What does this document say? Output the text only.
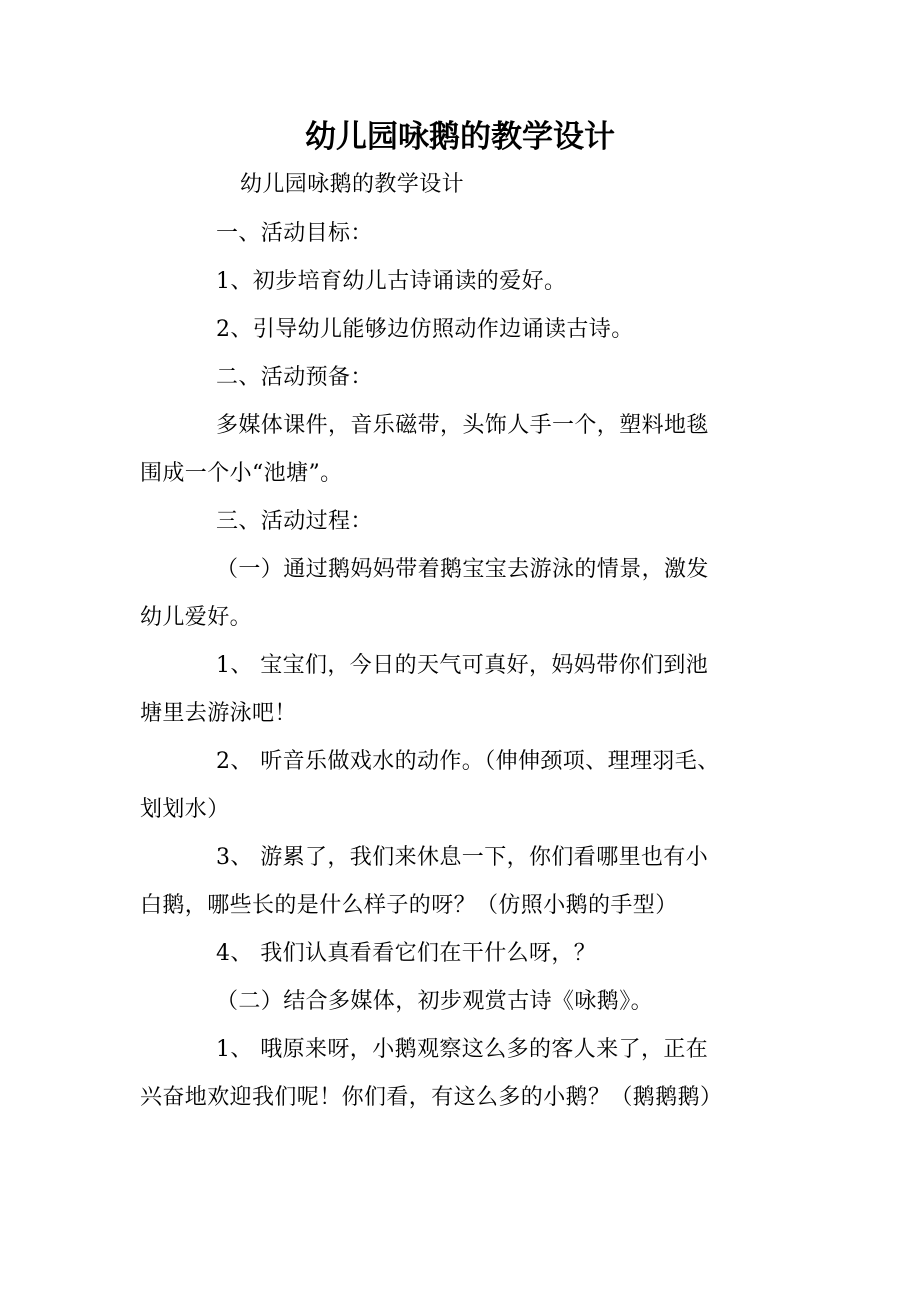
幼儿园咏鹅的教学设计
幼儿园咏鹅的教学设计
一、活动目标：
1、初步培育幼儿古诗诵读的爱好。
2、引导幼儿能够边仿照动作边诵读古诗。
二、活动预备：
多媒体课件，音乐磁带，头饰人手一个，塑料地毯
围成一个小“池塘”。
三、活动过程：
（一）通过鹅妈妈带着鹅宝宝去游泳的情景，激发
幼儿爱好。
1、 宝宝们，今日的天气可真好，妈妈带你们到池
塘里去游泳吧！
2、 听音乐做戏水的动作。（伸伸颈项、理理羽毛、
划划水）
3、 游累了，我们来休息一下，你们看哪里也有小
白鹅，哪些长的是什么样子的呀？（仿照小鹅的手型）
4、 我们认真看看它们在干什么呀，？
（二）结合多媒体，初步观赏古诗《咏鹅》。
1、 哦原来呀，小鹅观察这么多的客人来了，正在
兴奋地欢迎我们呢！你们看，有这么多的小鹅？（鹅鹅鹅）
